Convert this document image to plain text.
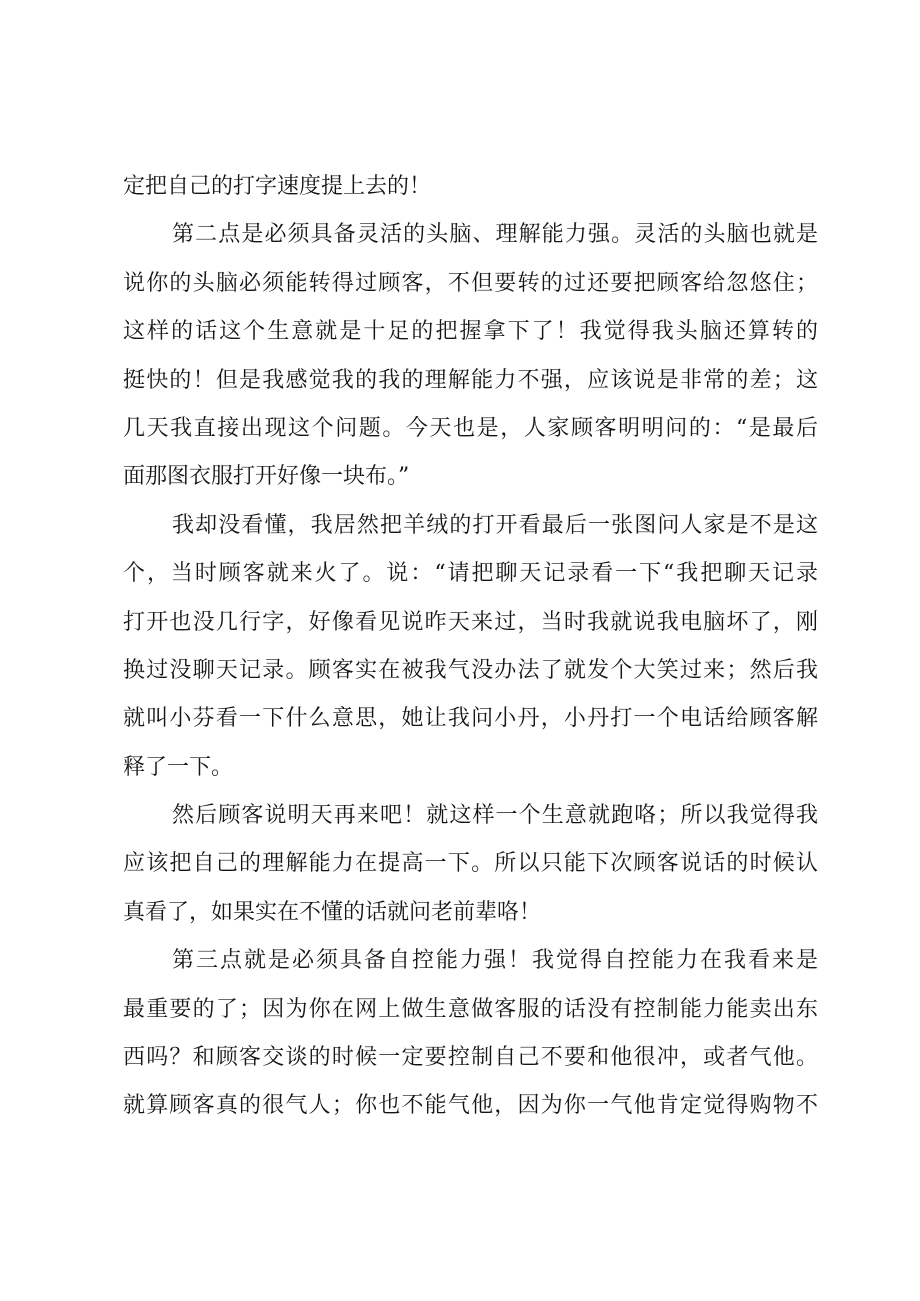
定把自己的打字速度提上去的！
第二点是必须具备灵活的头脑、理解能力强。灵活的头脑也就是
说你的头脑必须能转得过顾客，不但要转的过还要把顾客给忽悠住；
这样的话这个生意就是十足的把握拿下了！我觉得我头脑还算转的
挺快的！但是我感觉我的我的理解能力不强，应该说是非常的差；这
几天我直接出现这个问题。今天也是，人家顾客明明问的：“是最后
面那图衣服打开好像一块布。”
我却没看懂，我居然把羊绒的打开看最后一张图问人家是不是这
个，当时顾客就来火了。说：“请把聊天记录看一下“我把聊天记录
打开也没几行字，好像看见说昨天来过，当时我就说我电脑坏了，刚
换过没聊天记录。顾客实在被我气没办法了就发个大笑过来；然后我
就叫小芬看一下什么意思，她让我问小丹，小丹打一个电话给顾客解
释了一下。
然后顾客说明天再来吧！就这样一个生意就跑咯；所以我觉得我
应该把自己的理解能力在提高一下。所以只能下次顾客说话的时候认
真看了，如果实在不懂的话就问老前辈咯！
第三点就是必须具备自控能力强！我觉得自控能力在我看来是
最重要的了；因为你在网上做生意做客服的话没有控制能力能卖出东
西吗？和顾客交谈的时候一定要控制自己不要和他很冲，或者气他。
就算顾客真的很气人；你也不能气他，因为你一气他肯定觉得购物不
